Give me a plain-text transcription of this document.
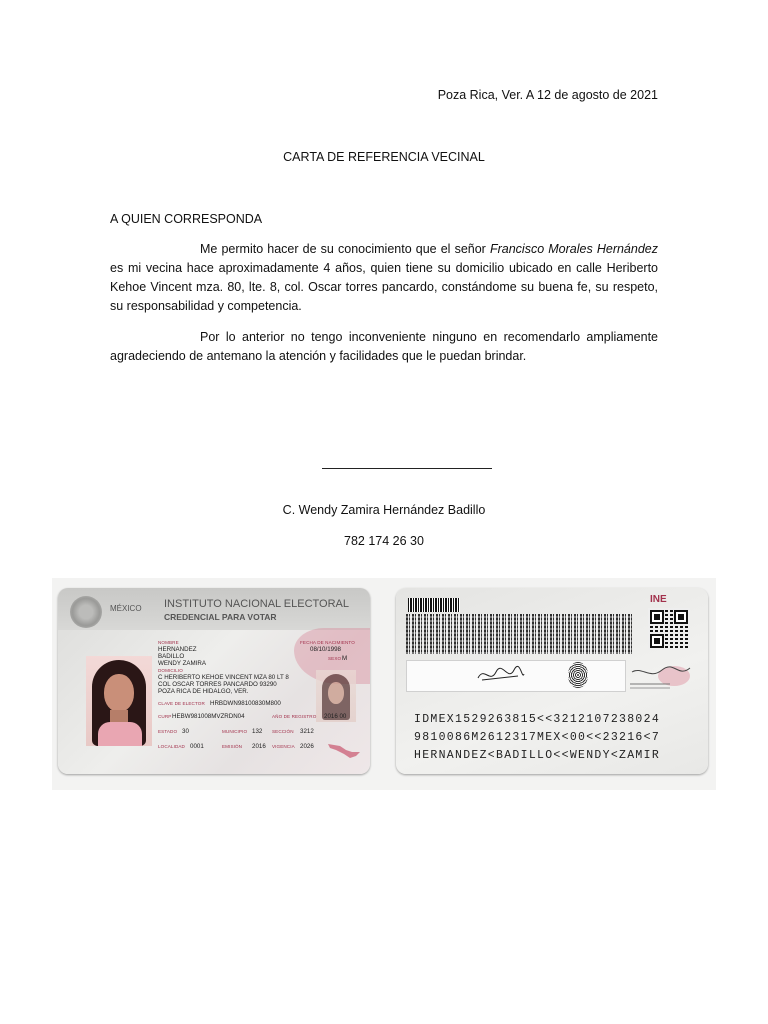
Poza Rica, Ver. A 12 de agosto de 2021
CARTA DE REFERENCIA VECINAL
A QUIEN CORRESPONDA
Me permito hacer de su conocimiento que el señor Francisco Morales Hernández es mi vecina hace aproximadamente 4 años, quien tiene su domicilio ubicado en calle Heriberto Kehoe Vincent mza. 80, lte. 8, col. Oscar torres pancardo, constándome su buena fe, su respeto, su responsabilidad y competencia.
Por lo anterior no tengo inconveniente ninguno en recomendarlo ampliamente agradeciendo de antemano la atención y facilidades que le puedan brindar.
C. Wendy Zamira Hernández Badillo
782 174 26 30
MÉXICO INSTITUTO NACIONAL ELECTORAL
CREDENCIAL PARA VOTAR
NOMBRE
HERNANDEZ
BADILLO
WENDY ZAMIRA
FECHA DE NACIMIENTO
08/10/1998
SEXO M
DOMICILIO
C HERIBERTO KEHOE VINCENT MZA 80 LT 8
COL OSCAR TORRES PANCARDO 93290
POZA RICA DE HIDALGO, VER.
CLAVE DE ELECTOR HRBDWN98100830M800
CURP HEBW981008MVZRDN04	AÑO DE REGISTRO 2016 00
ESTADO 30	MUNICIPIO 132 SECCIÓN 3212
LOCALIDAD 0001	EMISIÓN 2016 VIGENCIA 2026
INE
IDMEX1529263815<<3212107238024
9810086M2612317MEX<00<<23216<7
HERNANDEZ<BADILLO<<WENDY<ZAMIR
